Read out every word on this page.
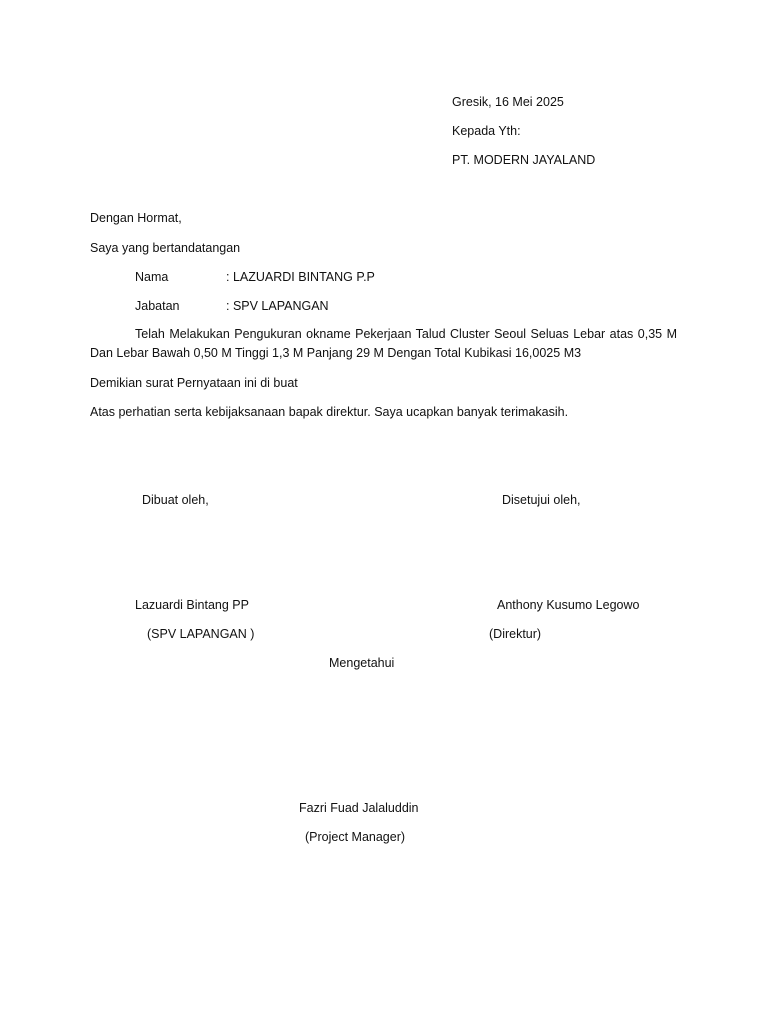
Gresik, 16 Mei 2025
Kepada Yth:
PT. MODERN JAYALAND
Dengan Hormat,
Saya yang bertandatangan
Nama	: LAZUARDI BINTANG P.P
Jabatan	: SPV LAPANGAN
Telah Melakukan Pengukuran okname Pekerjaan Talud Cluster Seoul Seluas Lebar atas 0,35 M Dan Lebar Bawah 0,50 M Tinggi 1,3 M Panjang 29 M Dengan Total Kubikasi 16,0025 M3
Demikian surat Pernyataan ini di buat
Atas perhatian serta kebijaksanaan bapak direktur. Saya ucapkan banyak terimakasih.
Dibuat oleh,	Disetujui oleh,
Lazuardi Bintang PP	Anthony Kusumo Legowo
(SPV LAPANGAN )	(Direktur)
Mengetahui
Fazri Fuad Jalaluddin
(Project Manager)
